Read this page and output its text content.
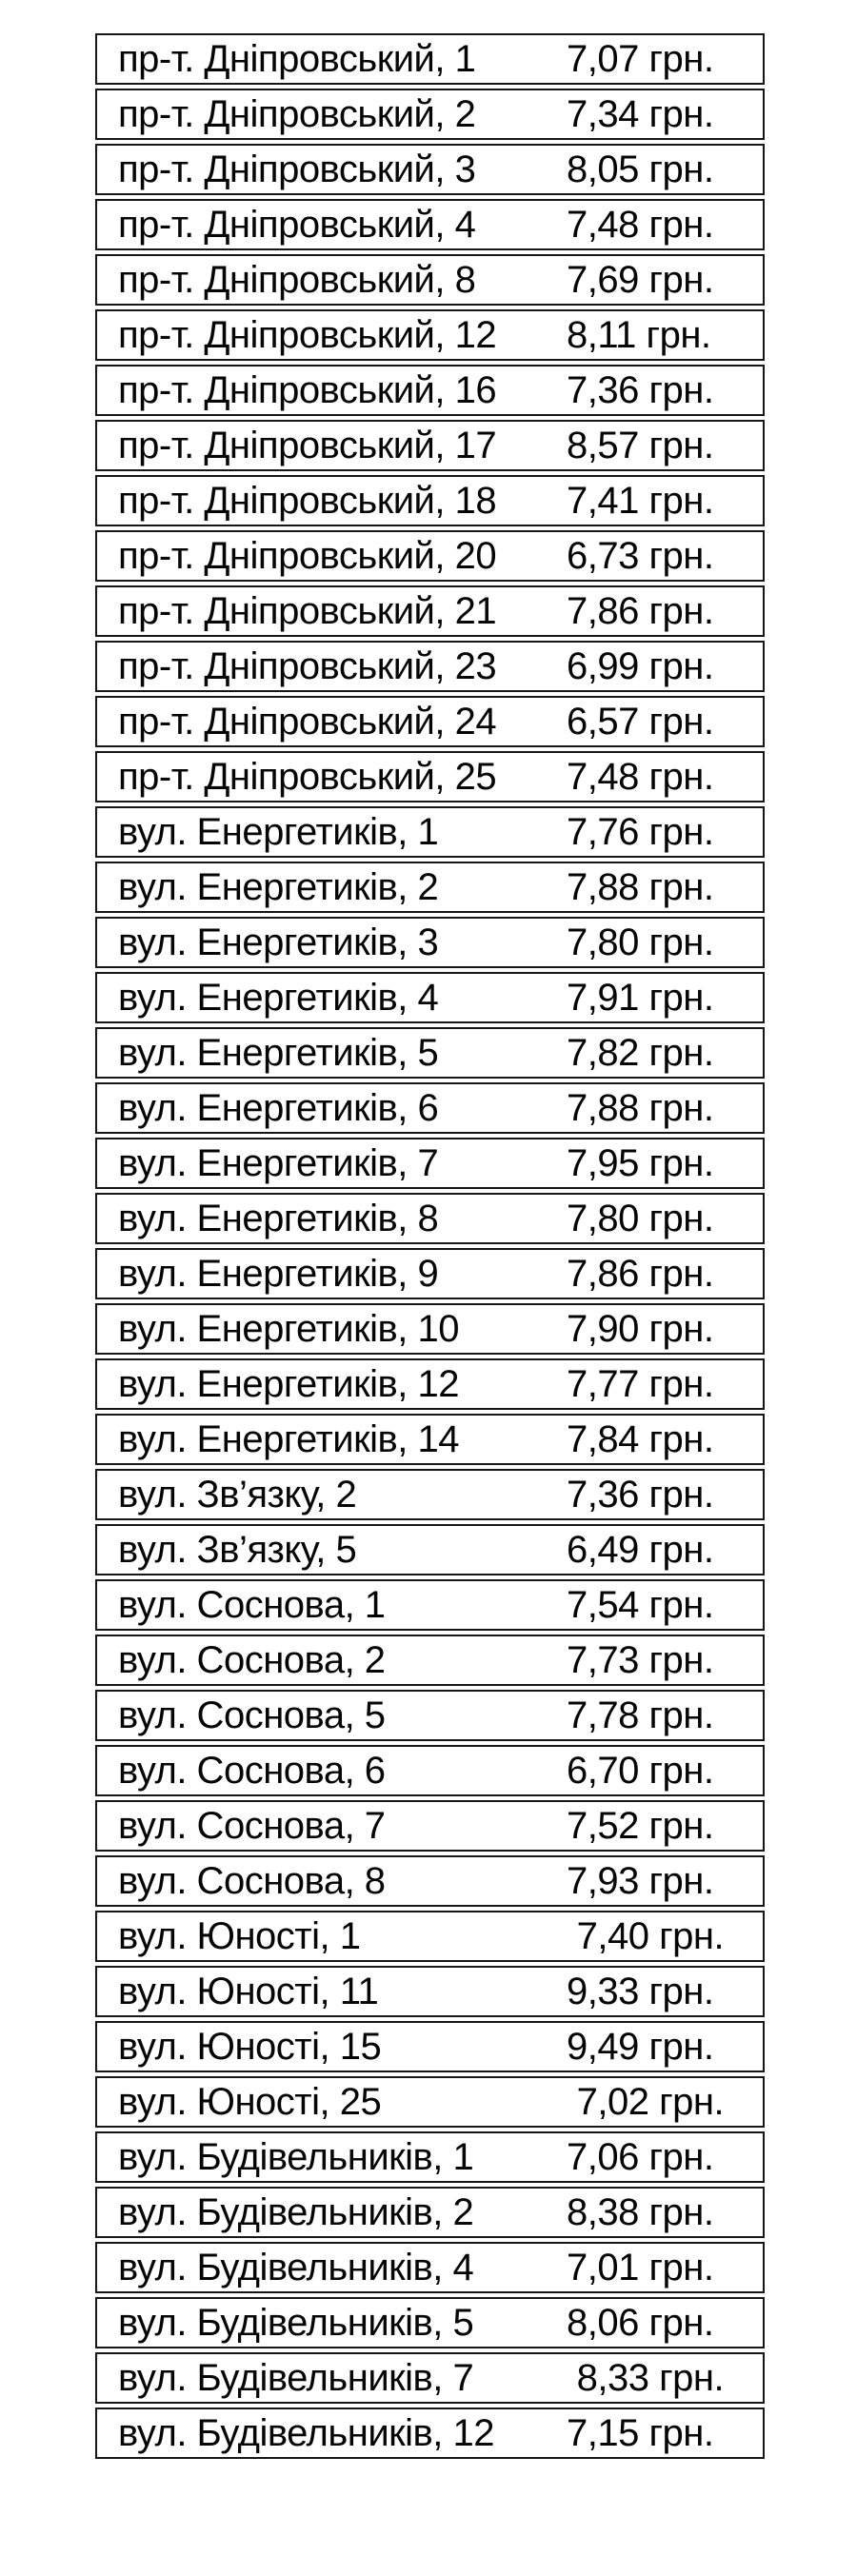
пр-т. Дніпровський, 1 7,07 грн.
пр-т. Дніпровський, 2 7,34 грн.
пр-т. Дніпровський, 3 8,05 грн.
пр-т. Дніпровський, 4 7,48 грн.
пр-т. Дніпровський, 8 7,69 грн.
пр-т. Дніпровський, 12 8,11 грн.
пр-т. Дніпровський, 16 7,36 грн.
пр-т. Дніпровський, 17 8,57 грн.
пр-т. Дніпровський, 18 7,41 грн.
пр-т. Дніпровський, 20 6,73 грн.
пр-т. Дніпровський, 21 7,86 грн.
пр-т. Дніпровський, 23 6,99 грн.
пр-т. Дніпровський, 24 6,57 грн.
пр-т. Дніпровський, 25 7,48 грн.
вул. Енергетиків, 1	7,76 грн.
вул. Енергетиків, 2	7,88 грн.
вул. Енергетиків, 3	7,80 грн.
вул. Енергетиків, 4	7,91 грн.
вул. Енергетиків, 5	7,82 грн.
вул. Енергетиків, 6	7,88 грн.
вул. Енергетиків, 7	7,95 грн.
вул. Енергетиків, 8	7,80 грн.
вул. Енергетиків, 9	7,86 грн.
вул. Енергетиків, 10	7,90 грн.
вул. Енергетиків, 12	7,77 грн.
вул. Енергетиків, 14	7,84 грн.
вул. Зв’язку, 2	7,36 грн.
вул. Зв’язку, 5	6,49 грн.
вул. Соснова, 1	7,54 грн.
вул. Соснова, 2	7,73 грн.
вул. Соснова, 5	7,78 грн.
вул. Соснова, 6	6,70 грн.
вул. Соснова, 7	7,52 грн.
вул. Соснова, 8	7,93 грн.
вул. Юності, 1	7,40 грн.
вул. Юності, 11	9,33 грн.
вул. Юності, 15	9,49 грн.
вул. Юності, 25	7,02 грн.
вул. Будівельників, 1 7,06 грн.
вул. Будівельників, 2 8,38 грн.
вул. Будівельників, 4 7,01 грн.
вул. Будівельників, 5 8,06 грн.
вул. Будівельників, 7 8,33 грн.
вул. Будівельників, 12 7,15 грн.
